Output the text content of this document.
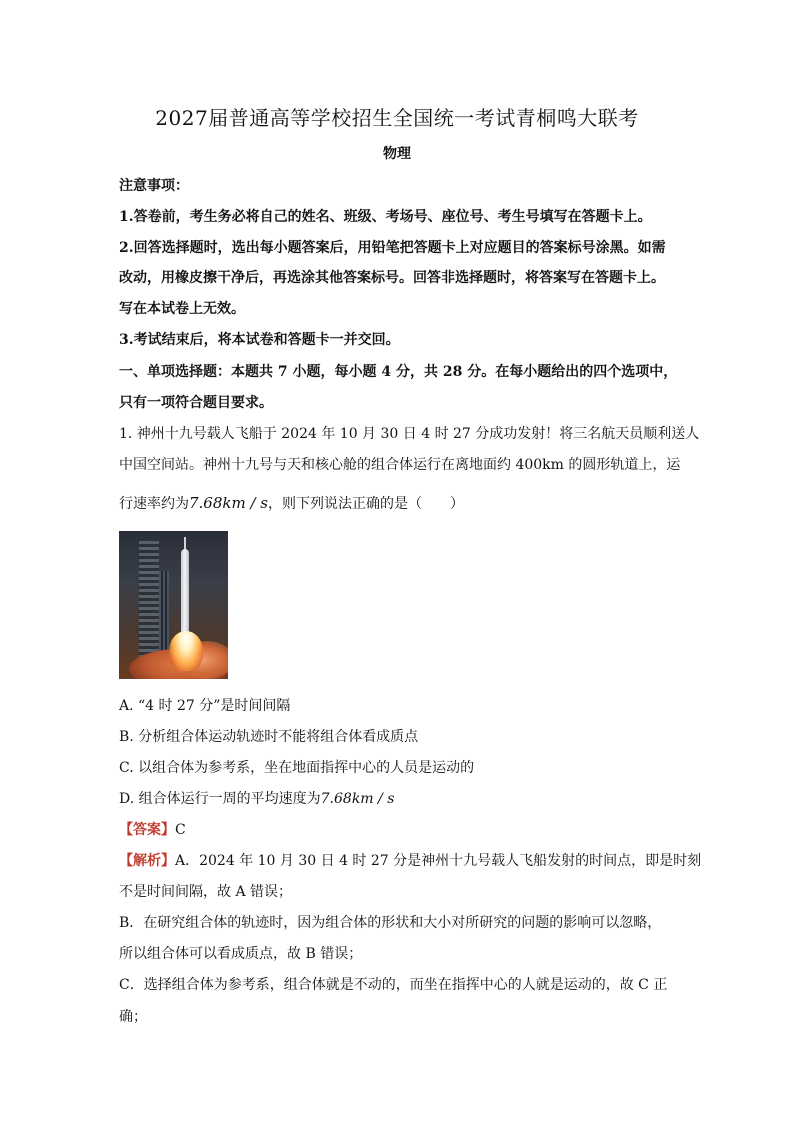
2027届普通高等学校招生全国统一考试青桐鸣大联考
物理
注意事项：
1.答卷前，考生务必将自己的姓名、班级、考场号、座位号、考生号填写在答题卡上。
2.回答选择题时，选出每小题答案后，用铅笔把答题卡上对应题目的答案标号涂黑。如需
改动，用橡皮擦干净后，再选涂其他答案标号。回答非选择题时，将答案写在答题卡上。
写在本试卷上无效。
3.考试结束后，将本试卷和答题卡一并交回。
一、单项选择题：本题共 7 小题，每小题 4 分，共 28 分。在每小题给出的四个选项中，
只有一项符合题目要求。
1. 神州十九号载人飞船于 2024 年 10 月 30 日 4 时 27 分成功发射！将三名航天员顺利送人
中国空间站。神州十九号与天和核心舱的组合体运行在离地面约 400km 的圆形轨道上，运
行速率约为7.68km / s，则下列说法正确的是（　　）
A. “4 时 27 分”是时间间隔
B. 分析组合体运动轨迹时不能将组合体看成质点
C. 以组合体为参考系，坐在地面指挥中心的人员是运动的
D. 组合体运行一周的平均速度为7.68km / s
【答案】C
【解析】A．2024 年 10 月 30 日 4 时 27 分是神州十九号载人飞船发射的时间点，即是时刻
不是时间间隔，故 A 错误；
B．在研究组合体的轨迹时，因为组合体的形状和大小对所研究的问题的影响可以忽略，
所以组合体可以看成质点，故 B 错误；
C．选择组合体为参考系，组合体就是不动的，而坐在指挥中心的人就是运动的，故 C 正
确；
